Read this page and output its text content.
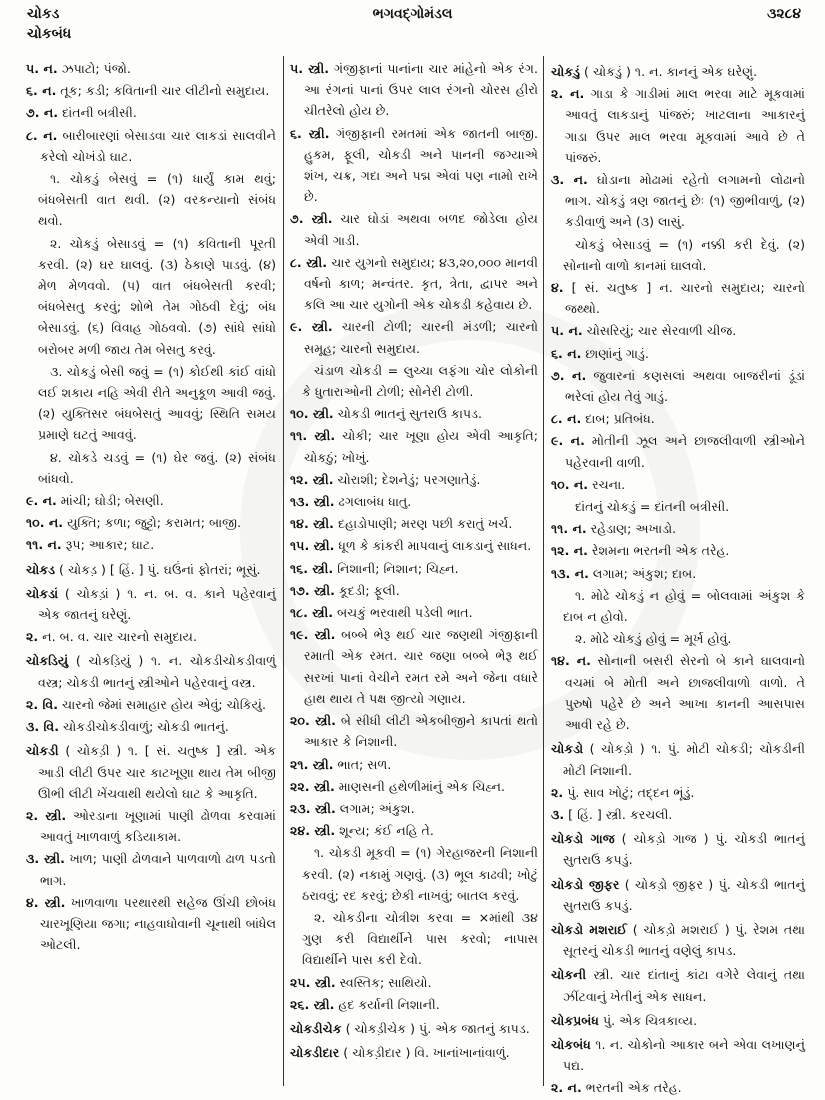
ચોકડ
ચોકબંધ
ભગવદ્ગોમંડલ	૩૨૮૪

૫. ન. ઝપાટો; પંજો.

૬. ન. તૂક; કડી; કવિતાની ચાર લીટીનો સમુદાય.

૭. ન. દાંતની બત્રીસી.

૮. ન. બારીબારણાં બેસાડવા ચાર લાકડાં સાલવીને કરેલો ચોખંડો ઘાટ.

૧. ચોકડું બેસવું = (૧) ધાર્યું કામ થવું; બંધબેસતી વાત થવી. (૨) વરકન્યાનો સંબંધ થવો.

૨. ચોકડું બેસાડવું = (૧) કવિતાની પૂરતી કરવી. (૨) ઘર ઘાલવું. (૩) ઠેકાણે પાડવું. (૪) મેળ મેળવવો. (૫) વાત બંધબેસતી કરવી; બંધબેસતુ કરવું; શોભે તેમ ગોઠવી દેવું; બંધ બેસાડવું. (૬) વિવાહ ગોઠવવો. (૭) સાંધે સાંધો બરોબર મળી જાય તેમ બેસતુ કરવું.

૩. ચોકડું બેસી જવું = (૧) કોઈથી કાંઈ વાંધો લઈ શકાય નહિ એવી રીતે અનુકૂળ આવી જવું. (૨) યુક્તિસર બંધબેસતું આવવું; સ્થિતિ સમય પ્રમાણે ઘટતું આવવું.

૪. ચોકડે ચડવું = (૧) ઘેર જવું. (૨) સંબંધ બાંધવો.

૯. ન. માંચી; ઘોડી; બેસણી.

૧૦. ન. યુક્તિ; કળા; જુટ્ટો; કરામત; બાજી.

૧૧. ન. રૂપ; આકાર; ઘાટ.

ચોકડ ( ચોકડ઼ ) [ હિં. ] પું. ઘઉંનાં ફોતરાં; ભૂસું.

ચોકડાં ( ચોકડ઼ાં ) ૧. ન. બ. વ. કાને પહેરવાનું એક જાતનું ઘરેણું.

૨. ન. બ. વ. ચાર ચારનો સમુદાય.

ચોકડિયું ( ચોકડ઼િયું ) ૧. ન. ચોકડીચોકડીવાળું વસ્ત્ર; ચોકડી ભાતનું સ્ત્રીઓને પહેરવાનું વસ્ત્ર.

૨. વિ. ચારનો જેમાં સમાહાર હોય એવું; ચોકિયું.

૩. વિ. ચોકડીચોકડીવાળું; ચોકડી ભાતનું.

ચોકડી ( ચોકડ઼ી ) ૧. [ સં. ચતુષ્ક ] સ્ત્રી. એક આડી લીટી ઉપર ચાર કાટખૂણા થાય તેમ બીજી ઊભી લીટી ખેંચવાથી થયેલો ઘાટ કે આકૃતિ.

૨. સ્ત્રી. ઓરડાના ખૂણામાં પાણી ઢોળવા કરવામાં આવતું ખાળવાળું કડિયાકામ.

૩. સ્ત્રી. ખાળ; પાણી ઢોળવાને પાળવાળો ઢાળ પડતો ભાગ.

૪. સ્ત્રી. ખાળવાળા પરથારથી સહેજ ઊંચી છોબંધ ચારખૂણિયા જગા; નાહવાધોવાની ચૂનાથી બાંધેલ ઓટલી.

૫. સ્ત્રી. ગંજીફાનાં પાનાંના ચાર માંહેનો એક રંગ. આ રંગનાં પાનાં ઉપર લાલ રંગનો ચોરસ હીરો ચીતરેલો હોય છે.

૬. સ્ત્રી. ગંજીફાની રમતમાં એક જાતની બાજી. હુકમ, ફૂલી, ચોકડી અને પાનની જગ્યાએ શંખ, ચક્ર, ગદા અને પદ્મ એવાં પણ નામો રાખે છે.

૭. સ્ત્રી. ચાર ઘોડાં અથવા બળદ જોડેલા હોય એવી ગાડી.

૮. સ્ત્રી. ચાર યુગનો સમુદાય; ૪૩,૨૦,૦૦૦ માનવી વર્ષનો કાળ; મન્વંતર. કૃત, ત્રેતા, દ્વાપર અને કલિ આ ચાર યુગોની એક ચોકડી કહેવાય છે.

૯. સ્ત્રી. ચારની ટોળી; ચારની મંડળી; ચારનો સમૂહ; ચારનો સમુદાય.

ચંડાળ ચોકડી = લુચ્ચા લફંગા ચોર લોકોની કે ધુતારાઓની ટોળી; સોનેરી ટોળી.

૧૦. સ્ત્રી. ચોકડી ભાતનું સુતરાઉ કાપડ.

૧૧. સ્ત્રી. ચોકી; ચાર ખૂણા હોય એવી આકૃતિ; ચોકઠું; ખોખું.

૧૨. સ્ત્રી. ચોરાશી; દેશનેડું; પરગણાતેડું.

૧૩. સ્ત્રી. ઢગલાબંધ ધાતુ.

૧૪. સ્ત્રી. દહાડોપાણી; મરણ પછી કરાતું ખર્ચ.

૧૫. સ્ત્રી. ધૂળ કે કાંકરી માપવાનું લાકડાનું સાધન.

૧૬. સ્ત્રી. નિશાની; નિશાન; ચિહ્ન.

૧૭. સ્ત્રી. કૂદડી; ફૂલી.

૧૮. સ્ત્રી. બચકું ભરવાથી પડેલી ભાત.

૧૯. સ્ત્રી. બબ્બે ભેરૂ થઈ ચાર જણથી ગંજીફાની રમાતી એક રમત. ચાર જણા બબ્બે ભેરૂ થઈ સરખાં પાનાં વેચીને રમત રમે અને જેના વધારે હાથ થાય તે પક્ષ જીત્યો ગણાય.

૨૦. સ્ત્રી. બે સીધી લીટી એકબીજીને કાપતાં થતો આકાર કે નિશાની.

૨૧. સ્ત્રી. ભાત; સળ.

૨૨. સ્ત્રી. માણસની હથેળીમાંનું એક ચિહ્ન.

૨૩. સ્ત્રી. લગામ; અંકુશ.

૨૪. સ્ત્રી. શૂન્ય; કંઈ નહિ તે.

૧. ચોકડી મૂકવી = (૧) ગેરહાજરની નિશાની કરવી. (૨) નકામું ગણવું. (૩) ભૂલ કાઢવી; ખોટું ઠરાવવું; રદ કરવું; છેકી નાખવું; બાતલ કરવું.

૨. ચોકડીના ચોત્રીશ કરવા = ×માંથી ૩૪ ગુણ કરી વિદ્યાર્થીને પાસ કરવો; નાપાસ વિદ્યાર્થીને પાસ કરી દેવો.

૨૫. સ્ત્રી. સ્વસ્તિક; સાથિયો.

૨૬. સ્ત્રી. હદ કર્યાની નિશાની.

ચોકડીચેક ( ચોકડ઼ીચેક ) પું. એક જાતનું કાપડ.

ચોકડીદાર ( ચોકડ઼ીદાર ) વિ. ખાનાંખાનાંવાળું.

ચોકડું ( ચોકડ઼ું ) ૧. ન. કાનનું એક ઘરેણું.

૨. ન. ગાડા કે ગાડીમાં માલ ભરવા માટે મૂકવામાં આવતું લાકડાનું પાંજરું; ખાટલાના આકારનું ગાડા ઉપર માલ ભરવા મૂકવામાં આવે છે તે પાંજરું.

૩. ન. ઘોડાના મોઢામાં રહેતો લગામનો લોઢાનો ભાગ. ચોકડું ત્રણ જાતનું છેઃ (૧) જીભીવાળું, (૨) કડીવાળું અને (૩) લાસું.

ચોકડું બેસાડવું = (૧) નક્કી કરી દેવું. (૨) સોનાનો વાળો કાનમાં ઘાલવો.

૪. [ સં. ચતુષ્ક ] ન. ચારનો સમુદાય; ચારનો જથ્થો.

૫. ન. ચોસરિયું; ચાર સેરવાળી ચીજ.

૬. ન. છાણાંનું ગાડું.

૭. ન. જુવારનાં કણસલાં અથવા બાજરીનાં ડૂંડાં ભરેલાં હોય તેવું ગાડું.

૮. ન. દાબ; પ્રતિબંધ.

૯. ન. મોતીની ઝૂલ અને છાજલીવાળી સ્ત્રીઓને પહેરવાની વાળી.

૧૦. ન. રચના.

દાંતનું ચોકડું = દાંતની બત્રીસી.

૧૧. ન. રહેડાણ; અખાડો.

૧૨. ન. રેશમના ભરતની એક તરેહ.

૧૩. ન. લગામ; અંકુશ; દાબ.

૧. મોઢે ચોકડું ન હોવું = બોલવામાં અંકુશ કે દાબ ન હોવો.

૨. મોઢે ચોકડું હોવું = મૂર્ખ હોવું.

૧૪. ન. સોનાની બસરી સેરનો બે કાને ઘાલવાનો વચમાં બે મોતી અને છાજલીવાળો વાળો. તે પુરુષો પહેરે છે અને આખા કાનની આસપાસ આવી રહે છે.

ચોકડો ( ચોકડ઼ો ) ૧. પું. મોટી ચોકડી; ચોકડીની મોટી નિશાની.

૨. પું. સાવ ખોટું; તદ્દન ભૂંડું.

૩. [ હિં. ] સ્ત્રી. કરચલી.

ચોકડો ગાજ ( ચોકડ઼ો ગાજ ) પું. ચોકડી ભાતનું સુતરાઉ કપડું.

ચોકડો જીફર ( ચોકડ઼ો જીફર ) પું. ચોકડી ભાતનું સુતરાઉ કપડું.

ચોકડો મશરાઈ ( ચોકડ઼ો મશરાઈ ) પું. રેશમ તથા સૂતરનું ચોકડી ભાતનું વણેલું કાપડ.

ચોકની સ્ત્રી. ચાર દાંતાનું કાંટા વગેરે લેવાનું તથા ઝીંટવાનું ખેતીનું એક સાધન.

ચોકપ્રબંધ પું. એક ચિત્રકાવ્ય.

ચોકબંધ ૧. ન. ચોકોનો આકાર બને એવા લખાણનું પદ્ય.

૨. ન. ભરતની એક તરેહ.
